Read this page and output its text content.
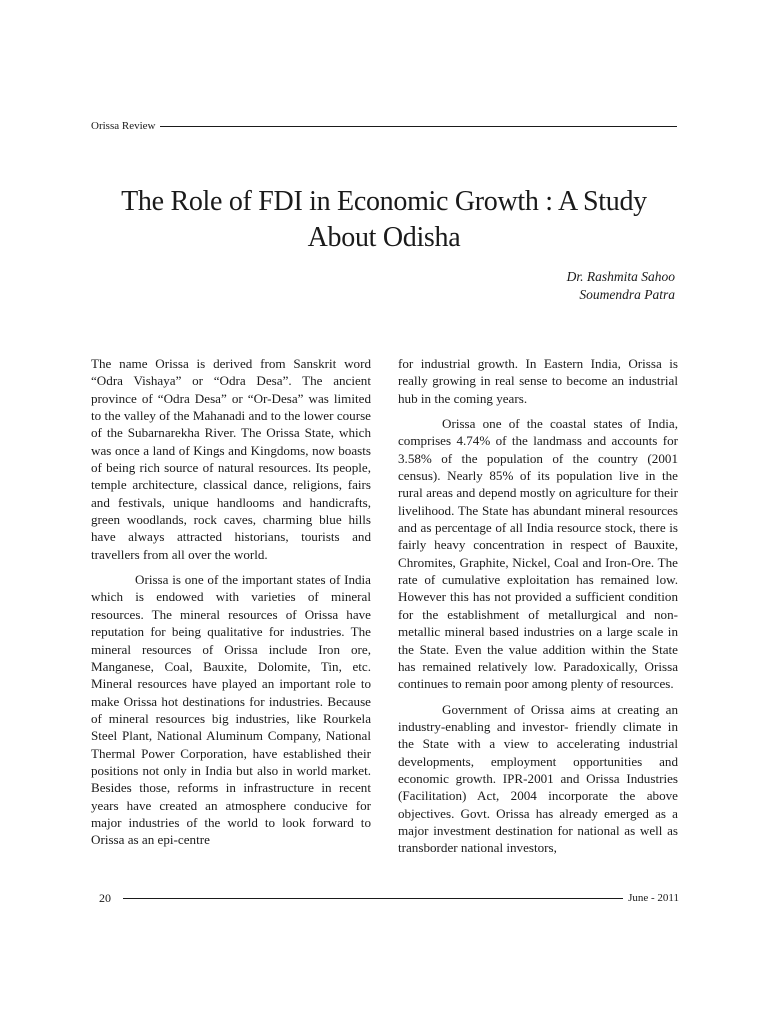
Orissa Review
The Role of FDI in Economic Growth : A Study
About Odisha
Dr. Rashmita Sahoo
Soumendra Patra

The name Orissa is derived from Sanskrit word “Odra Vishaya” or “Odra Desa”. The ancient province of “Odra Desa” or “Or-Desa” was limited to the valley of the Mahanadi and to the lower course of the Subarnarekha River. The Orissa State, which was once a land of Kings and Kingdoms, now boasts of being rich source of natural resources. Its people, temple architecture, classical dance, religions, fairs and festivals, unique handlooms and handicrafts, green woodlands, rock caves, charming blue hills have always attracted historians, tourists and travellers from all over the world.

Orissa is one of the important states of India which is endowed with varieties of mineral resources. The mineral resources of Orissa have reputation for being qualitative for industries. The mineral resources of Orissa include Iron ore, Manganese, Coal, Bauxite, Dolomite, Tin, etc. Mineral resources have played an important role to make Orissa hot destinations for industries. Because of mineral resources big industries, like Rourkela Steel Plant, National Aluminum Company, National Thermal Power Corporation, have established their positions not only in India but also in world market. Besides those, reforms in infrastructure in recent years have created an atmosphere conducive for major industries of the world to look forward to Orissa as an epi-centre

for industrial growth. In Eastern India, Orissa is really growing in real sense to become an industrial hub in the coming years.

Orissa one of the coastal states of India, comprises 4.74% of the landmass and accounts for 3.58% of the population of the country (2001 census). Nearly 85% of its population live in the rural areas and depend mostly on agriculture for their livelihood. The State has abundant mineral resources and as percentage of all India resource stock, there is fairly heavy concentration in respect of Bauxite, Chromites, Graphite, Nickel, Coal and Iron-Ore. The rate of cumulative exploitation has remained low. However this has not provided a sufficient condition for the establishment of metallurgical and non-metallic mineral based industries on a large scale in the State. Even the value addition within the State has remained relatively low. Paradoxically, Orissa continues to remain poor among plenty of resources.

Government of Orissa aims at creating an industry-enabling and investor- friendly climate in the State with a view to accelerating industrial developments, employment opportunities and economic growth. IPR-2001 and Orissa Industries (Facilitation) Act, 2004 incorporate the above objectives. Govt. Orissa has already emerged as a major investment destination for national as well as transborder national investors,

20	June - 2011
